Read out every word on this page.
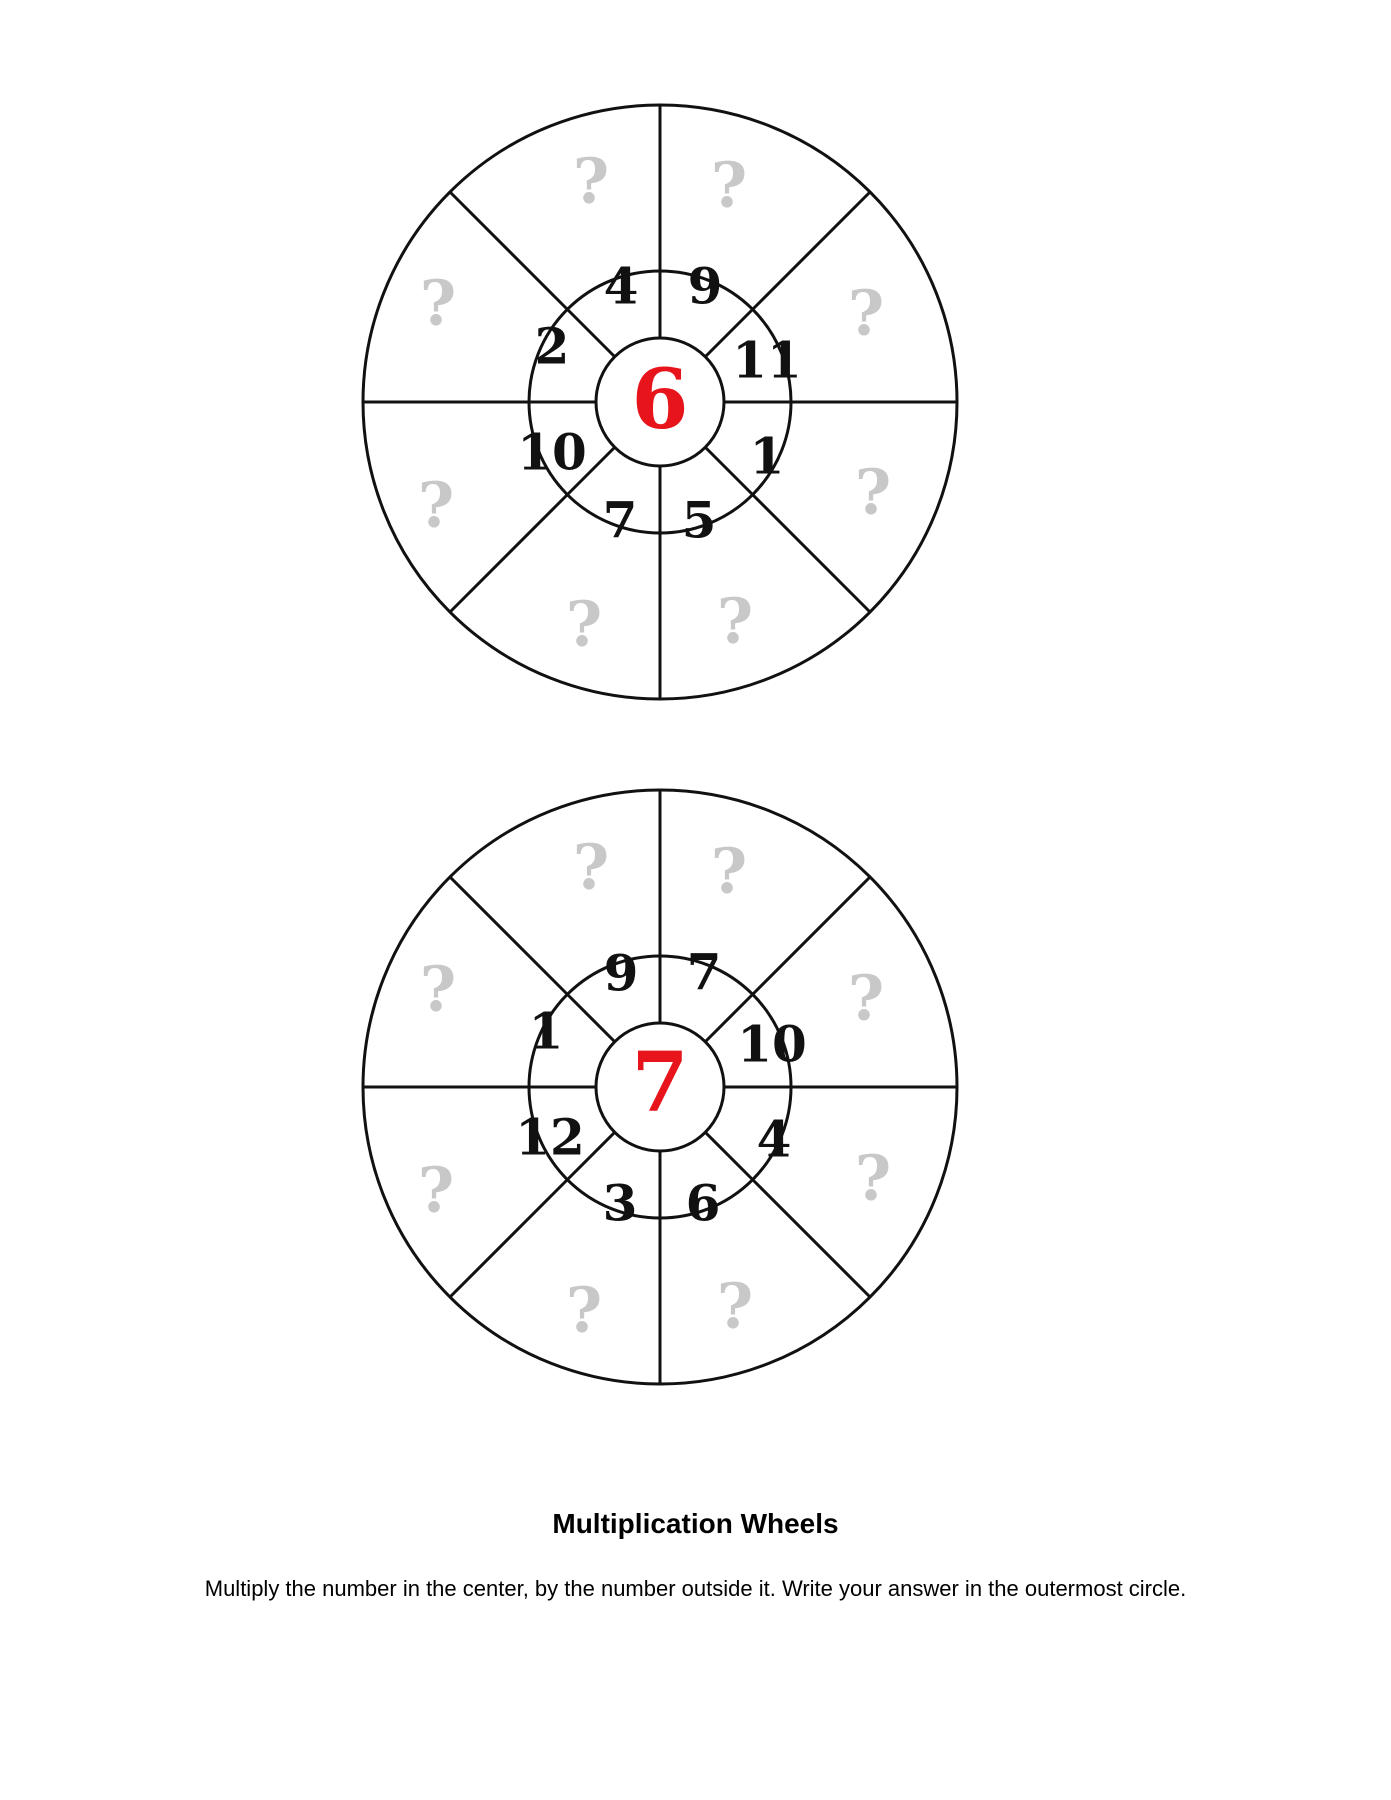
6
4 9
11
1
5
7
10
2
? ?
?
?
?
?
?
?
7
9 7
10
4
6
3
12
1
? ?
?
?
?
?
?
?
Multiplication Wheels
Multiply the number in the center, by the number outside it. Write your answer in the outermost circle.
